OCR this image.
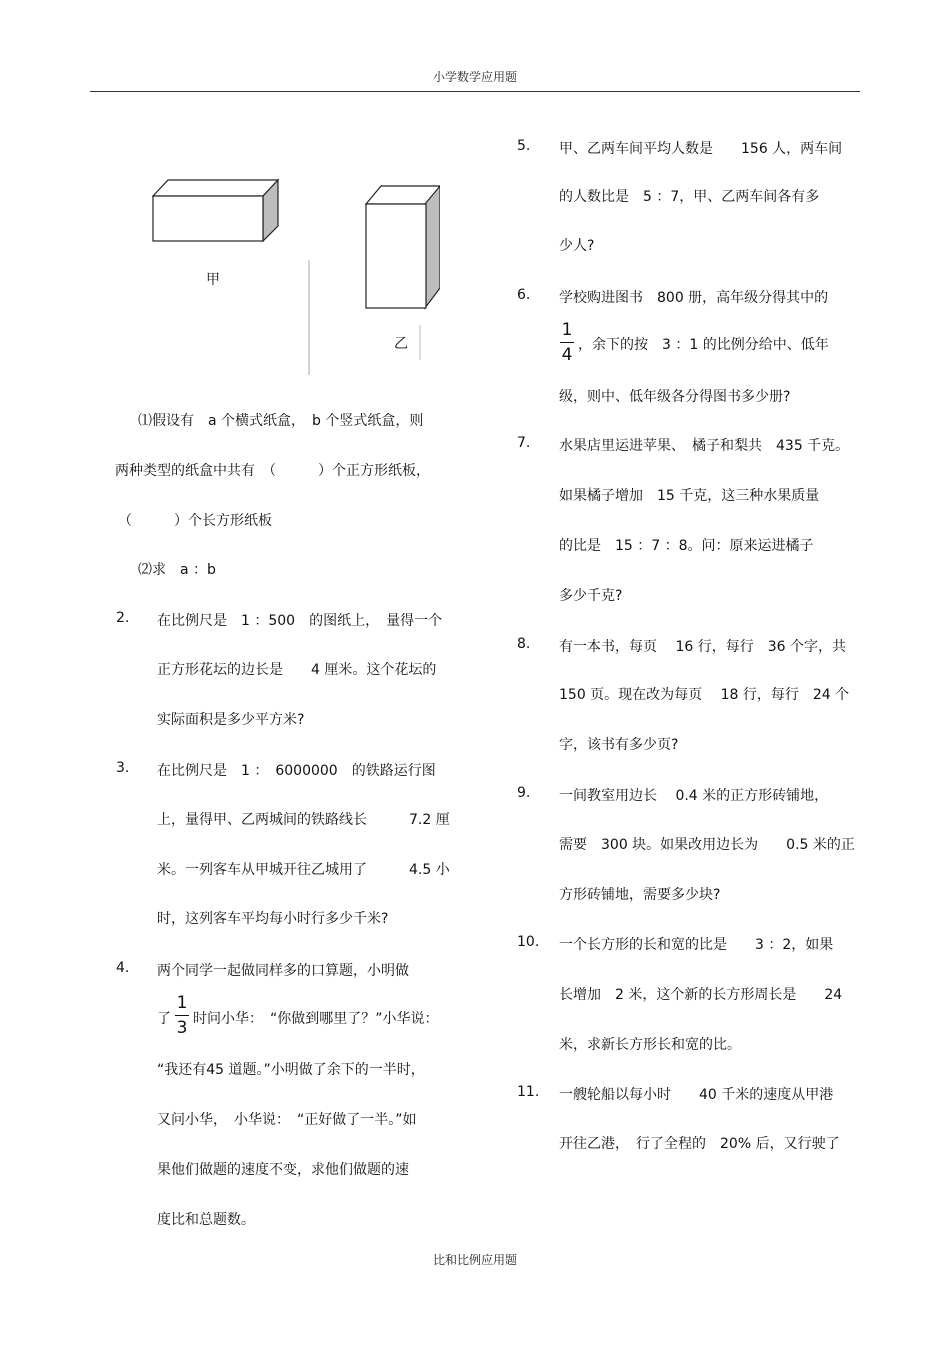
小学数学应用题
甲
乙
⑴假设有　a 个横式纸盒，　b 个竖式纸盒，则
两种类型的纸盒中共有　（　　　）个正方形纸板，
（　　　）个长方形纸板
⑵求　a ：b
2. 在比例尺是　1 ：500　的图纸上，　量得一个
正方形花坛的边长是　　4 厘米。这个花坛的
实际面积是多少平方米?
3. 在比例尺是　1 ：　6000000　的铁路运行图
上，量得甲、乙两城间的铁路线长　　　7.2 厘
米。一列客车从甲城开往乙城用了　　　4.5 小
时，这列客车平均每小时行多少千米?
4. 两个同学一起做同样多的口算题，小明做
了
1
3 时问小华：　“你做到哪里了？”小华说：
“我还有45 道题。”小明做了余下的一半时，
又问小华，　小华说：　“正好做了一半。”如
果他们做题的速度不变，求他们做题的速
度比和总题数。
5. 甲、乙两车间平均人数是　　156 人，两车间
的人数比是　5 ：7，甲、乙两车间各有多
少人?
6. 学校购进图书　800 册，高年级分得其中的
1
4 ，余下的按　3 ：1 的比例分给中、低年
级，则中、低年级各分得图书多少册?
7. 水果店里运进苹果、　橘子和梨共　435 千克。
如果橘子增加　15 千克，这三种水果质量
的比是　15 ：7 ：8。问：原来运进橘子
多少千克?
8. 有一本书，每页　 16 行，每行　36 个字，共
150 页。现在改为每页　 18 行，每行　24 个
字，该书有多少页?
9. 一间教室用边长　 0.4 米的正方形砖铺地，
需要　300 块。如果改用边长为　　0.5 米的正
方形砖铺地，需要多少块?
10. 一个长方形的长和宽的比是　　3 ：2，如果
长增加　2 米，这个新的长方形周长是　　24
米，求新长方形长和宽的比。
11. 一艘轮船以每小时　　40 千米的速度从甲港
开往乙港，　行了全程的　20% 后，又行驶了
比和比例应用题
